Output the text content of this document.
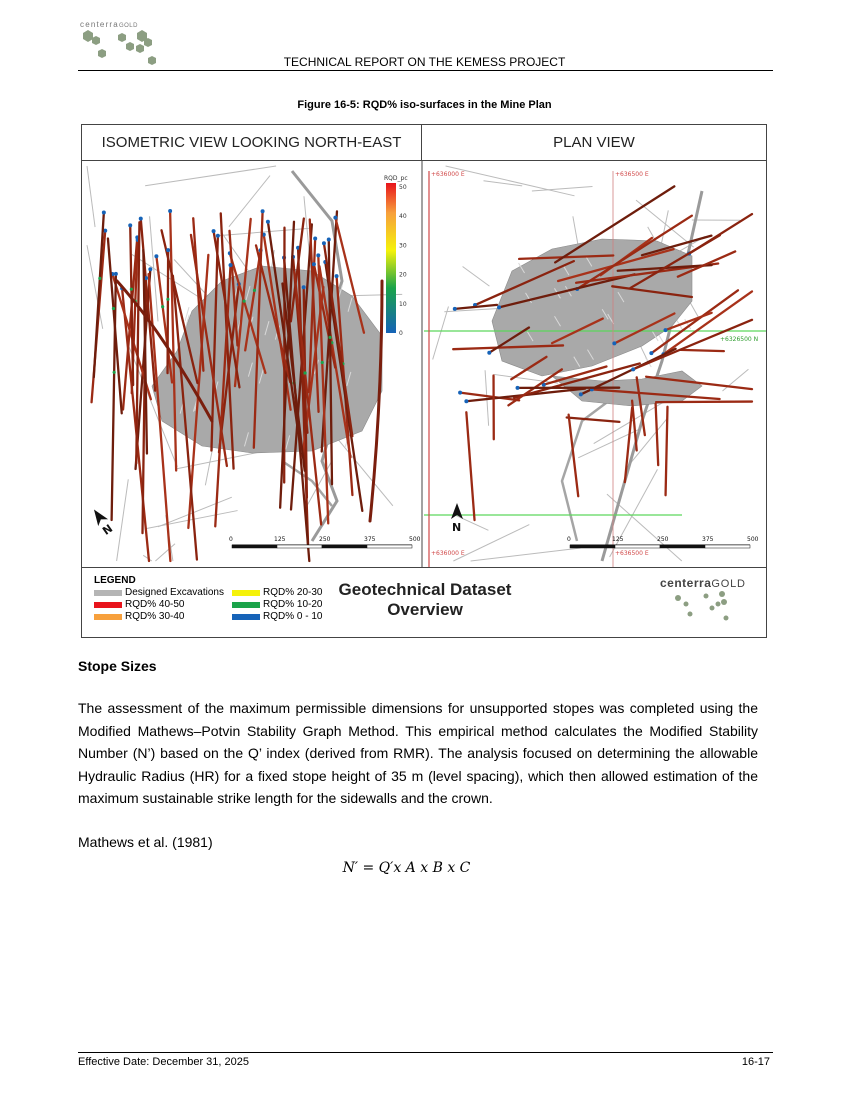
centerraGOLD
TECHNICAL REPORT ON THE KEMESS PROJECT
Figure 16-5: RQD% iso-surfaces in the Mine Plan
ISOMETRIC VIEW LOOKING NORTH-EAST	PLAN VIEW
+636000 E	+636500 E
+6326500 N
+636000 E	+636500 E
RQD_pc
50
40
30
20
10
0
N	N
0	125	250	375	500	0	125	250	375	500
LEGEND
Designed Excavations
RQD% 40-50
RQD% 30-40
RQD% 20-30
RQD% 10-20
RQD% 0 - 10
Geotechnical Dataset
Overview
centerraGOLD
Stope Sizes
The assessment of the maximum permissible dimensions for unsupported stopes was completed using the Modified Mathews–Potvin Stability Graph Method. This empirical method calculates the Modified Stability Number (N’) based on the Q’ index (derived from RMR). The analysis focused on determining the allowable Hydraulic Radius (HR) for a fixed stope height of 35 m (level spacing), which then allowed estimation of the maximum sustainable strike length for the sidewalls and the crown.
Mathews et al. (1981)
N′ = Q′x A x B x C
Effective Date: December 31, 2025	16-17
